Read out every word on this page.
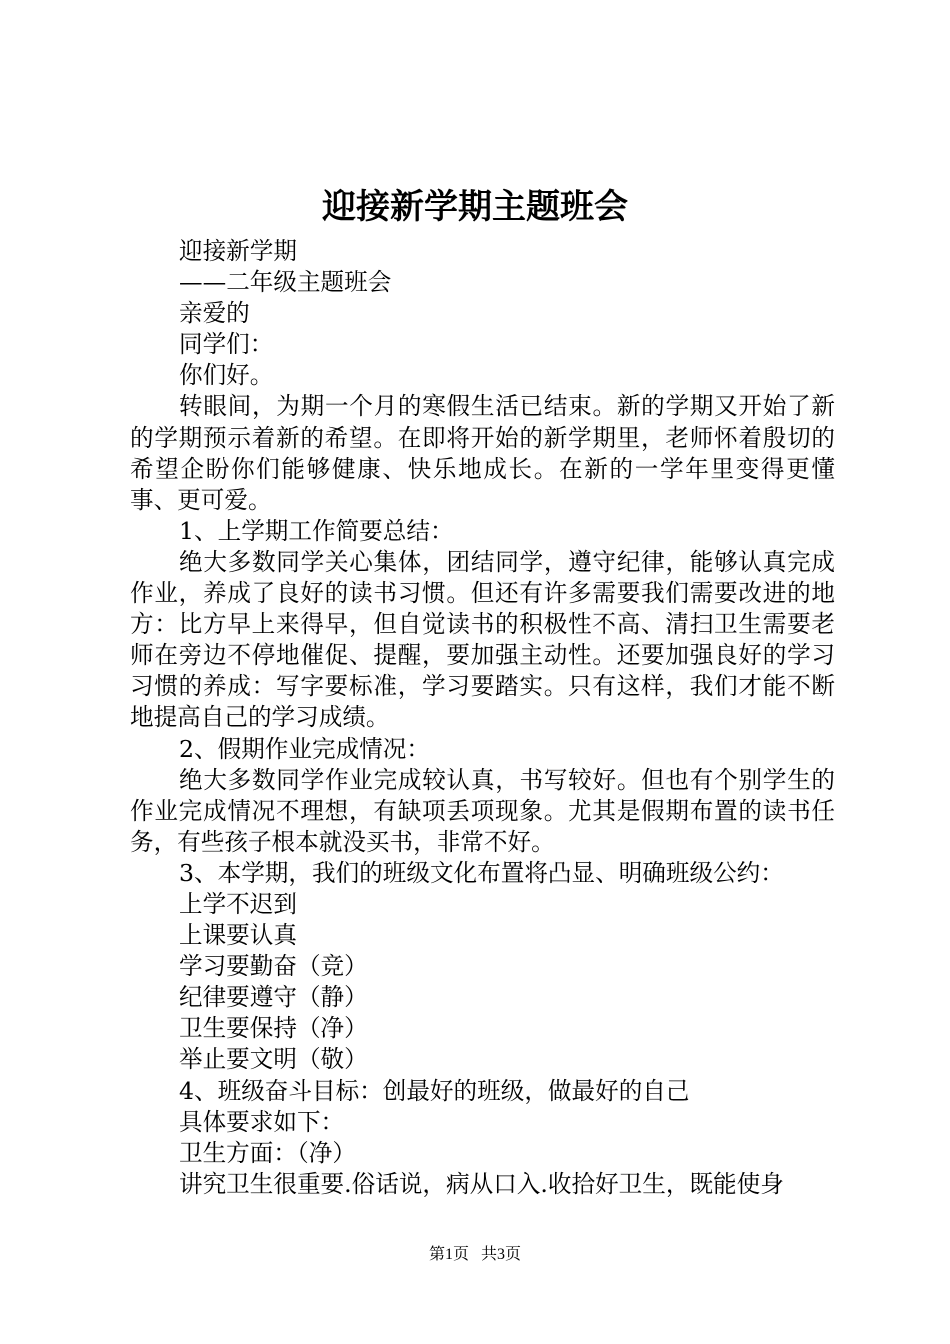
迎接新学期主题班会

迎接新学期

——二年级主题班会

亲爱的

同学们：

你们好。

转眼间，为期一个月的寒假生活已结束。新的学期又开始了新的学期预示着新的希望。在即将开始的新学期里，老师怀着殷切的希望企盼你们能够健康、快乐地成长。在新的一学年里变得更懂事、更可爱。

1、上学期工作简要总结：

绝大多数同学关心集体，团结同学，遵守纪律，能够认真完成作业，养成了良好的读书习惯。但还有许多需要我们需要改进的地方：比方早上来得早，但自觉读书的积极性不高、清扫卫生需要老师在旁边不停地催促、提醒，要加强主动性。还要加强良好的学习习惯的养成：写字要标准，学习要踏实。只有这样，我们才能不断地提高自己的学习成绩。

2、假期作业完成情况：

绝大多数同学作业完成较认真，书写较好。但也有个别学生的作业完成情况不理想，有缺项丢项现象。尤其是假期布置的读书任务，有些孩子根本就没买书，非常不好。

3、本学期，我们的班级文化布置将凸显、明确班级公约：

上学不迟到

上课要认真

学习要勤奋（竞）

纪律要遵守（静）

卫生要保持（净）

举止要文明（敬）

4、班级奋斗目标：创最好的班级，做最好的自己

具体要求如下：

卫生方面：（净）

讲究卫生很重要.俗话说，病从口入.收拾好卫生，既能使身

第1页 共3页
